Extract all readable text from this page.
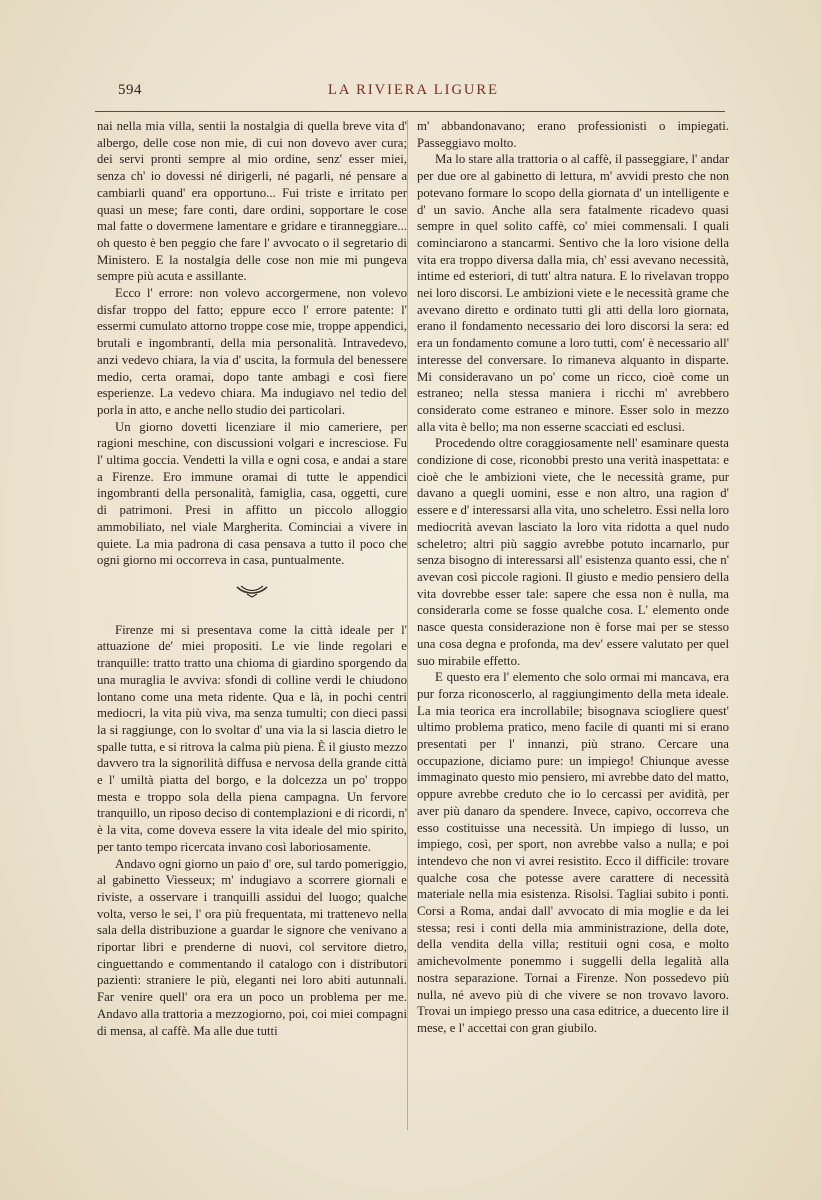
594	LA RIVIERA LIGURE

nai nella mia villa, sentii la nostalgia di quella breve vita d' albergo, delle cose non mie, di cui non dovevo aver cura; dei servi pronti sempre al mio ordine, senz' esser miei, senza ch' io dovessi né dirigerli, né pagarli, né pensare a cambiarli quand' era opportuno... Fui triste e irritato per quasi un mese; fare conti, dare ordini, sopportare le cose mal fatte o dovermene lamentare e gridare e tiranneggiare... oh questo è ben peggio che fare l' avvocato o il segretario di Ministero. E la nostalgia delle cose non mie mi pungeva sempre più acuta e assillante.

Ecco l' errore: non volevo accorgermene, non volevo disfar troppo del fatto; eppure ecco l' errore patente: l' essermi cumulato attorno troppe cose mie, troppe appendici, brutali e ingombranti, della mia personalità. Intravedevo, anzi vedevo chiara, la via d' uscita, la formula del benessere medio, certa oramai, dopo tante ambagi e così fiere esperienze. La vedevo chiara. Ma indugiavo nel tedio del porla in atto, e anche nello studio dei particolari.

Un giorno dovetti licenziare il mio cameriere, per ragioni meschine, con discussioni volgari e incresciose. Fu l' ultima goccia. Vendetti la villa e ogni cosa, e andai a stare a Firenze. Ero immune oramai di tutte le appendici ingombranti della personalità, famiglia, casa, oggetti, cure di patrimoni. Presi in affitto un piccolo alloggio ammobiliato, nel viale Margherita. Cominciai a vivere in quiete. La mia padrona di casa pensava a tutto il poco che ogni giorno mi occorreva in casa, puntualmente.

Firenze mi si presentava come la città ideale per l' attuazione de' miei propositi. Le vie linde regolari e tranquille: tratto tratto una chioma di giardino sporgendo da una muraglia le avviva: sfondi di colline verdi le chiudono lontano come una meta ridente. Qua e là, in pochi centri mediocri, la vita più viva, ma senza tumulti; con dieci passi la si raggiunge, con lo svoltar d' una via la si lascia dietro le spalle tutta, e si ritrova la calma più piena. È il giusto mezzo davvero tra la signorilità diffusa e nervosa della grande città e l' umiltà piatta del borgo, e la dolcezza un po' troppo mesta e troppo sola della piena campagna. Un fervore tranquillo, un riposo deciso di contemplazioni e di ricordi, n' è la vita, come doveva essere la vita ideale del mio spirito, per tanto tempo ricercata invano così laboriosamente.

Andavo ogni giorno un paio d' ore, sul tardo pomeriggio, al gabinetto Viesseux; m' indugiavo a scorrere giornali e riviste, a osservare i tranquilli assidui del luogo; qualche volta, verso le sei, l' ora più frequentata, mi trattenevo nella sala della distribuzione a guardar le signore che venivano a riportar libri e prenderne di nuovi, col servitore dietro, cinguettando e commentando il catalogo con i distributori pazienti: straniere le più, eleganti nei loro abiti autunnali. Far venire quell' ora era un poco un problema per me. Andavo alla trattoria a mezzogiorno, poi, coi miei compagni di mensa, al caffè. Ma alle due tutti

m' abbandonavano; erano professionisti o impiegati. Passeggiavo molto.

Ma lo stare alla trattoria o al caffè, il passeggiare, l' andar per due ore al gabinetto di lettura, m' avvidi presto che non potevano formare lo scopo della giornata d' un intelligente e d' un savio. Anche alla sera fatalmente ricadevo quasi sempre in quel solito caffè, co' miei commensali. I quali cominciarono a stancarmi. Sentivo che la loro visione della vita era troppo diversa dalla mia, ch' essi avevano necessità, intime ed esteriori, di tutt' altra natura. E lo rivelavan troppo nei loro discorsi. Le ambizioni viete e le necessità grame che avevano diretto e ordinato tutti gli atti della loro giornata, erano il fondamento necessario dei loro discorsi la sera: ed era un fondamento comune a loro tutti, com' è necessario all' interesse del conversare. Io rimaneva alquanto in disparte. Mi consideravano un po' come un ricco, cioè come un estraneo; nella stessa maniera i ricchi m' avrebbero considerato come estraneo e minore. Esser solo in mezzo alla vita è bello; ma non esserne scacciati ed esclusi.

Procedendo oltre coraggiosamente nell' esaminare questa condizione di cose, riconobbi presto una verità inaspettata: e cioè che le ambizioni viete, che le necessità grame, pur davano a quegli uomini, esse e non altro, una ragion d' essere e d' interessarsi alla vita, uno scheletro. Essi nella loro mediocrità avevan lasciato la loro vita ridotta a quel nudo scheletro; altri più saggio avrebbe potuto incarnarlo, pur senza bisogno di interessarsi all' esistenza quanto essi, che n' avevan così piccole ragioni. Il giusto e medio pensiero della vita dovrebbe esser tale: sapere che essa non è nulla, ma considerarla come se fosse qualche cosa. L' elemento onde nasce questa considerazione non è forse mai per se stesso una cosa degna e profonda, ma dev' essere valutato per quel suo mirabile effetto.

E questo era l' elemento che solo ormai mi mancava, era pur forza riconoscerlo, al raggiungimento della meta ideale. La mia teorica era incrollabile; bisognava sciogliere quest' ultimo problema pratico, meno facile di quanti mi si erano presentati per l' innanzi, più strano. Cercare una occupazione, diciamo pure: un impiego! Chiunque avesse immaginato questo mio pensiero, mi avrebbe dato del matto, oppure avrebbe creduto che io lo cercassi per avidità, per aver più danaro da spendere. Invece, capivo, occorreva che esso costituisse una necessità. Un impiego di lusso, un impiego, così, per sport, non avrebbe valso a nulla; e poi intendevo che non vi avrei resistito. Ecco il difficile: trovare qualche cosa che potesse avere carattere di necessità materiale nella mia esistenza. Risolsi. Tagliai subito i ponti. Corsi a Roma, andai dall' avvocato di mia moglie e da lei stessa; resi i conti della mia amministrazione, della dote, della vendita della villa; restituii ogni cosa, e molto amichevolmente ponemmo i suggelli della legalità alla nostra separazione. Tornai a Firenze. Non possedevo più nulla, né avevo più di che vivere se non trovavo lavoro. Trovai un impiego presso una casa editrice, a duecento lire il mese, e l' accettai con gran giubilo.
